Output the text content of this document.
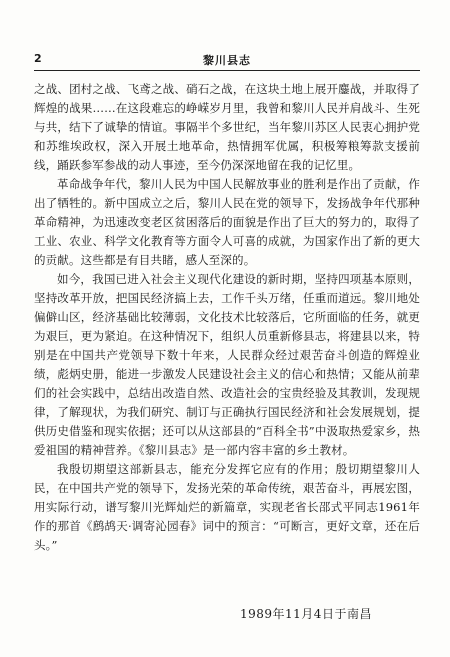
2	黎川县志

之战、团村之战、飞鸢之战、硝石之战，在这块土地上展开鏖战，并取得了辉煌的战果……在这段难忘的峥嵘岁月里，我曾和黎川人民并肩战斗、生死与共，结下了诚挚的情谊。事隔半个多世纪，当年黎川苏区人民衷心拥护党和苏维埃政权，深入开展土地革命，热情拥军优属，积极筹粮筹款支援前线，踊跃参军参战的动人事迹，至今仍深深地留在我的记忆里。

革命战争年代，黎川人民为中国人民解放事业的胜利是作出了贡献，作出了牺牲的。新中国成立之后，黎川人民在党的领导下，发扬战争年代那种革命精神，为迅速改变老区贫困落后的面貌是作出了巨大的努力的，取得了工业、农业、科学文化教育等方面令人可喜的成就，为国家作出了新的更大的贡献。这些都是有目共睹，感人至深的。

如今，我国已进入社会主义现代化建设的新时期，坚持四项基本原则，坚持改革开放，把国民经济搞上去，工作千头万绪，任重而道远。黎川地处偏僻山区，经济基础比较薄弱，文化技术比较落后，它所面临的任务，就更为艰巨，更为紧迫。在这种情况下，组织人员重新修县志，将建县以来，特别是在中国共产党领导下数十年来，人民群众经过艰苦奋斗创造的辉煌业绩，彪炳史册，能进一步激发人民建设社会主义的信心和热情；又能从前辈们的社会实践中，总结出改造自然、改造社会的宝贵经验及其教训，发现规律，了解现状，为我们研究、制订与正确执行国民经济和社会发展规划，提供历史借鉴和现实依据；还可以从这部县的“百科全书”中汲取热爱家乡，热爱祖国的精神营养。《黎川县志》是一部内容丰富的乡土教材。

我殷切期望这部新县志，能充分发挥它应有的作用；殷切期望黎川人民，在中国共产党的领导下，发扬光荣的革命传统，艰苦奋斗，再展宏图，用实际行动，谱写黎川光辉灿烂的新篇章，实现老省长邵式平同志1961年作的那首《鹧鸪天·调寄沁园春》词中的预言：“可断言，更好文章，还在后头。”

1989年11月4日于南昌
